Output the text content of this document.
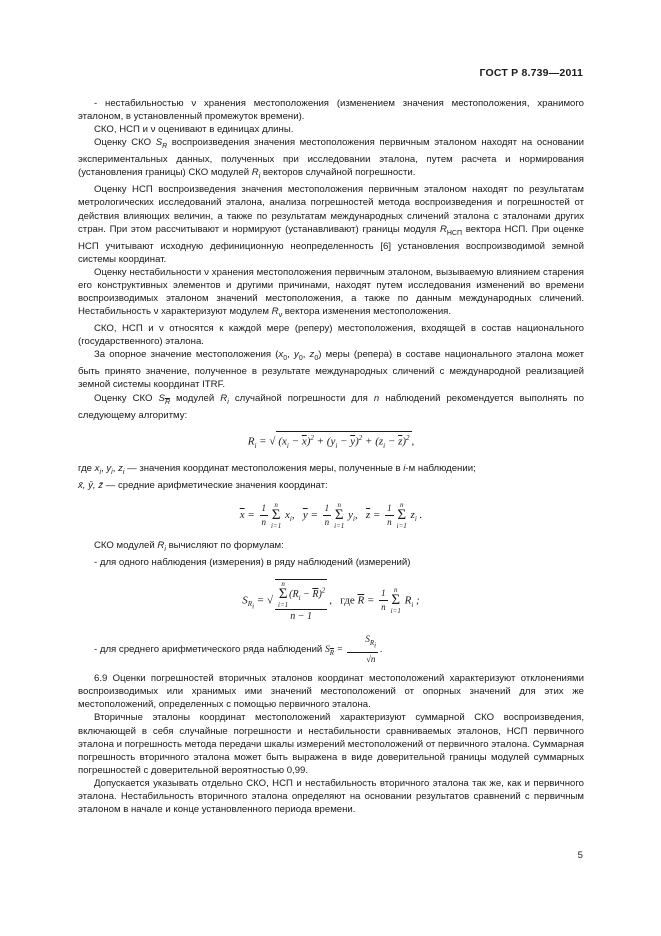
ГОСТ Р 8.739—2011

- нестабильностью ν хранения местоположения (изменением значения местоположения, хранимого эталоном, в установленный промежуток времени).

СКО, НСП и ν оценивают в единицах длины.

Оценку СКО $S_R$ воспроизведения значения местоположения первичным эталоном находят на основании экспериментальных данных, полученных при исследовании эталона, путем расчета и нормирования (установления границы) СКО модулей $R_i$ векторов случайной погрешности.

Оценку НСП воспроизведения значения местоположения первичным эталоном находят по результатам метрологических исследований эталона, анализа погрешностей метода воспроизведения и погрешностей от действия влияющих величин, а также по результатам международных сличений эталона с эталонами других стран. При этом рассчитывают и нормируют (устанавливают) границы модуля $R_{НСП}$ вектора НСП. При оценке НСП учитывают исходную дефиниционную неопределенность [6] установления воспроизводимой земной системы координат.

Оценку нестабильности ν хранения местоположения первичным эталоном, вызываемую влиянием старения его конструктивных элементов и другими причинами, находят путем исследования изменений во времени воспроизводимых эталоном значений местоположения, а также по данным международных сличений. Нестабильность ν характеризуют модулем $R_\nu$ вектора изменения местоположения.

СКО, НСП и ν относятся к каждой мере (реперу) местоположения, входящей в состав национального (государственного) эталона.

За опорное значение местоположения ($x_0$, $y_0$, $z_0$) меры (репера) в составе национального эталона может быть принято значение, полученное в результате международных сличений с международной реализацией земной системы координат ITRF.

Оценку СКО $S_{\overline{R}}$ модулей $R_i$ случайной погрешности для n наблюдений рекомендуется выполнять по следующему алгоритму:

$R_i$ = √ $(x_i - \overline{x})^2 + (y_i - \overline{y})^2 + (z_i - \overline{z})^2$ ,

где $x_i$, $y_i$, $z_i$ — значения координат местоположения меры, полученные в i-м наблюдении;

x̄, ȳ, z̄ — средние арифметические значения координат:

$\overline{x} = \frac{1}{n}$ n
Σ
i=1 $x_i$,   $\overline{y} = \frac{1}{n}$ n
Σ
i=1 $y_i$,   $\overline{z} = \frac{1}{n}$ n
Σ
i=1 $z_i$ .

СКО модулей $R_i$ вычисляют по формулам:

- для одного наблюдения (измерения) в ряду наблюдений (измерений)

$S_{R_i}$ = √
n
Σ
$i=1(R_i - \overline{R})^2$
n − 1
,   где $\overline{R} = \frac{1}{n}$ n
Σ
i=1 $R_i$ ;

- для среднего арифметического ряда наблюдений $S_{\overline{R}} = \frac{S_{R_i}}{√n}$ .

6.9 Оценки погрешностей вторичных эталонов координат местоположений характеризуют отклонениями воспроизводимых или хранимых ими значений местоположений от опорных значений для этих же местоположений, определенных с помощью первичного эталона.

Вторичные эталоны координат местоположений характеризуют суммарной СКО воспроизведения, включающей в себя случайные погрешности и нестабильности сравниваемых эталонов, НСП первичного эталона и погрешность метода передачи шкалы измерений местоположений от первичного эталона. Суммарная погрешность вторичного эталона может быть выражена в виде доверительной границы модулей суммарных погрешностей с доверительной вероятностью 0,99.

Допускается указывать отдельно СКО, НСП и нестабильность вторичного эталона так же, как и первичного эталона. Нестабильность вторичного эталона определяют на основании результатов сравнений с первичным эталоном в начале и конце установленного периода времени.

5
